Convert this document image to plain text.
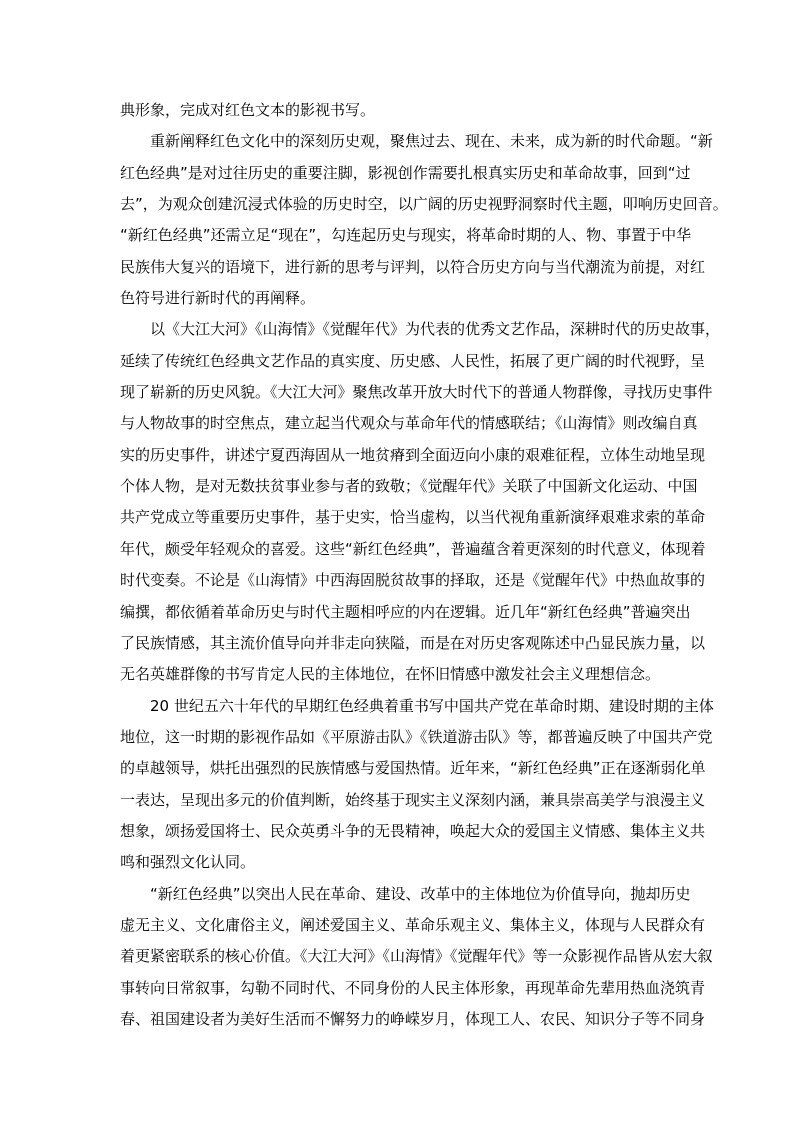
典形象，完成对红色文本的影视书写。
重新阐释红色文化中的深刻历史观，聚焦过去、现在、未来，成为新的时代命题。“新
红色经典”是对过往历史的重要注脚，影视创作需要扎根真实历史和革命故事，回到“过
去”，为观众创建沉浸式体验的历史时空，以广阔的历史视野洞察时代主题，叩响历史回音。
“新红色经典”还需立足“现在”，勾连起历史与现实，将革命时期的人、物、事置于中华
民族伟大复兴的语境下，进行新的思考与评判，以符合历史方向与当代潮流为前提，对红
色符号进行新时代的再阐释。
以《大江大河》《山海情》《觉醒年代》为代表的优秀文艺作品，深耕时代的历史故事，
延续了传统红色经典文艺作品的真实度、历史感、人民性，拓展了更广阔的时代视野，呈
现了崭新的历史风貌。《大江大河》聚焦改革开放大时代下的普通人物群像，寻找历史事件
与人物故事的时空焦点，建立起当代观众与革命年代的情感联结；《山海情》则改编自真
实的历史事件，讲述宁夏西海固从一地贫瘠到全面迈向小康的艰难征程，立体生动地呈现
个体人物，是对无数扶贫事业参与者的致敬；《觉醒年代》关联了中国新文化运动、中国
共产党成立等重要历史事件，基于史实，恰当虚构，以当代视角重新演绎艰难求索的革命
年代，颇受年轻观众的喜爱。这些“新红色经典”，普遍蕴含着更深刻的时代意义，体现着
时代变奏。不论是《山海情》中西海固脱贫故事的择取，还是《觉醒年代》中热血故事的
编撰，都依循着革命历史与时代主题相呼应的内在逻辑。近几年“新红色经典”普遍突出
了民族情感，其主流价值导向并非走向狭隘，而是在对历史客观陈述中凸显民族力量，以
无名英雄群像的书写肯定人民的主体地位，在怀旧情感中激发社会主义理想信念。
20 世纪五六十年代的早期红色经典着重书写中国共产党在革命时期、建设时期的主体
地位，这一时期的影视作品如《平原游击队》《铁道游击队》等，都普遍反映了中国共产党
的卓越领导，烘托出强烈的民族情感与爱国热情。近年来，“新红色经典”正在逐渐弱化单
一表达，呈现出多元的价值判断，始终基于现实主义深刻内涵，兼具崇高美学与浪漫主义
想象，颂扬爱国将士、民众英勇斗争的无畏精神，唤起大众的爱国主义情感、集体主义共
鸣和强烈文化认同。
“新红色经典”以突出人民在革命、建设、改革中的主体地位为价值导向，抛却历史
虚无主义、文化庸俗主义，阐述爱国主义、革命乐观主义、集体主义，体现与人民群众有
着更紧密联系的核心价值。《大江大河》《山海情》《觉醒年代》等一众影视作品皆从宏大叙
事转向日常叙事，勾勒不同时代、不同身份的人民主体形象，再现革命先辈用热血浇筑青
春、祖国建设者为美好生活而不懈努力的峥嵘岁月，体现工人、农民、知识分子等不同身
